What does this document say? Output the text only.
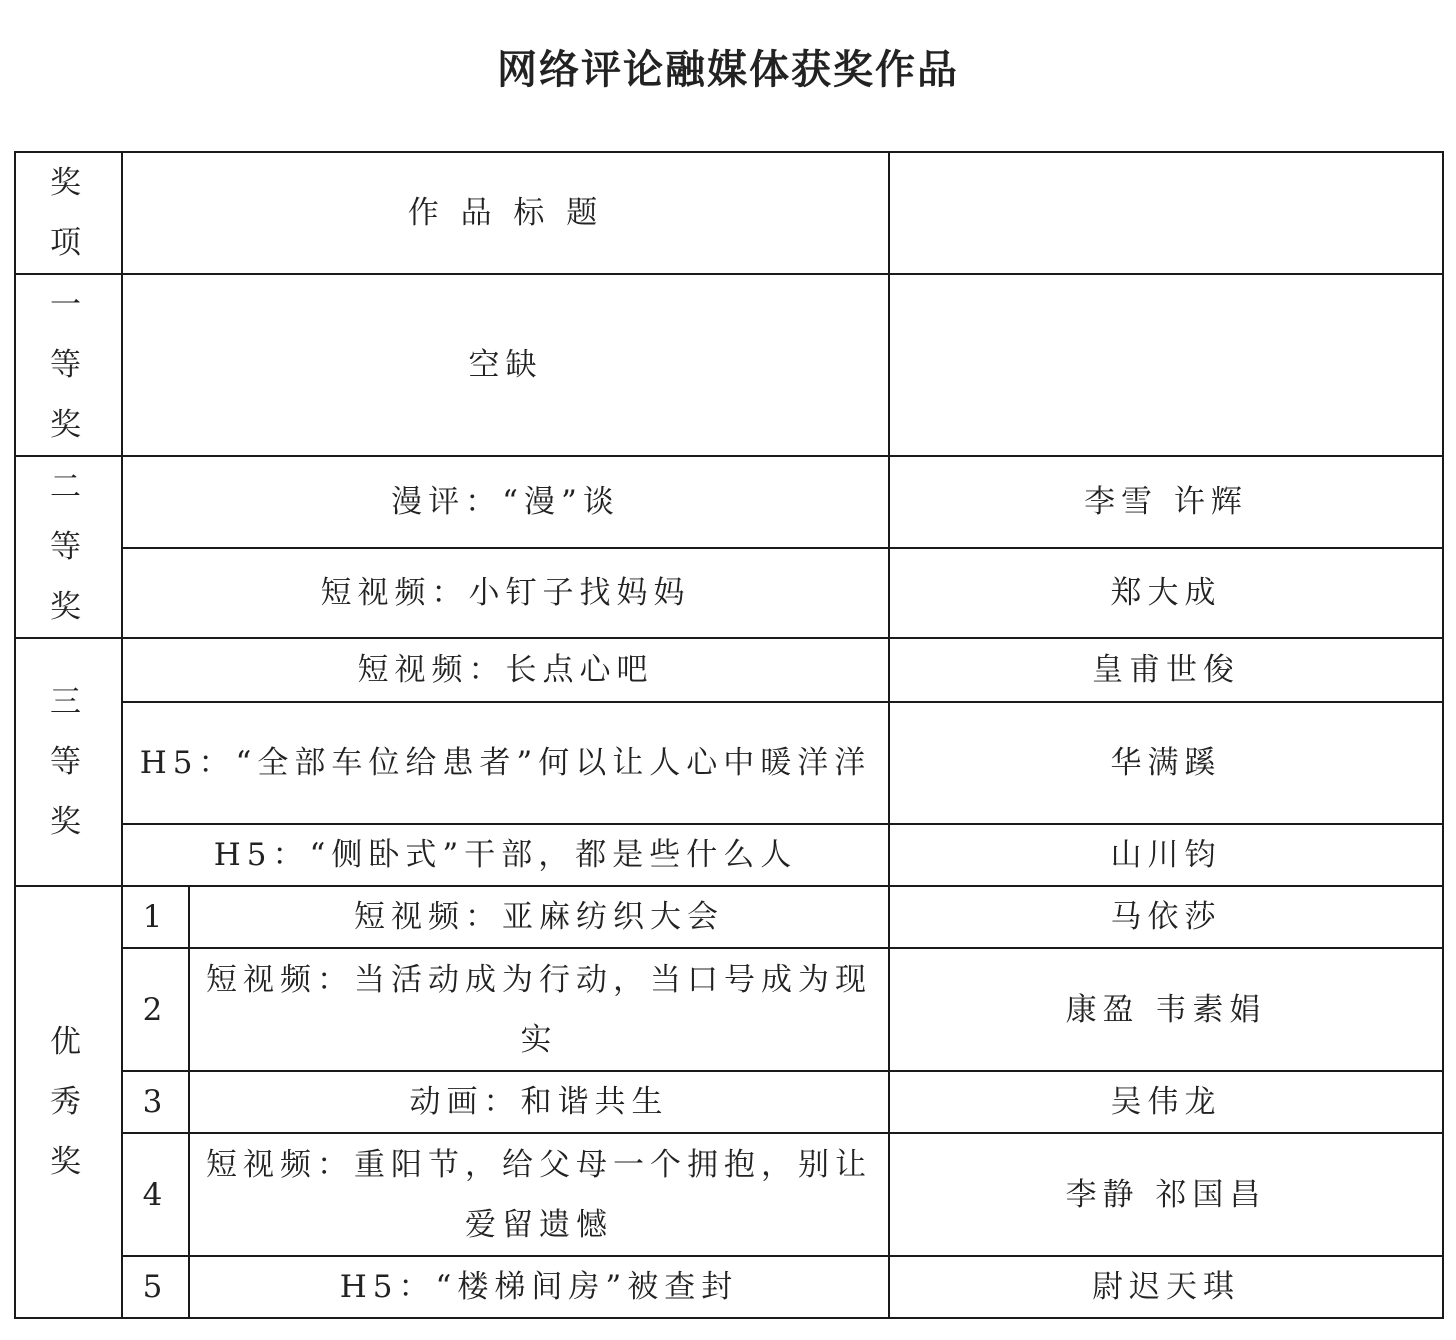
网络评论融媒体获奖作品
奖
项	作 品 标 题		

一
等
奖	空缺		

二
等
奖	漫评：“漫”谈		李雪 许辉
	短视频：小钉子找妈妈		郑大成

三
等
奖	短视频：长点心吧		皇甫世俊
	H5：“全部车位给患者”何以让人心中暖洋洋		华满蹊
	H5：“侧卧式”干部，都是些什么人		山川钧

优
秀
奖	1	短视频：亚麻纺织大会	马依莎
	2	短视频：当活动成为行动，当口号成为现实	康盈 韦素娟
	3	动画：和谐共生	吴伟龙
	4	短视频：重阳节，给父母一个拥抱，别让爱留遗憾	李静 祁国昌
	5	H5：“楼梯间房”被查封	尉迟天琪
